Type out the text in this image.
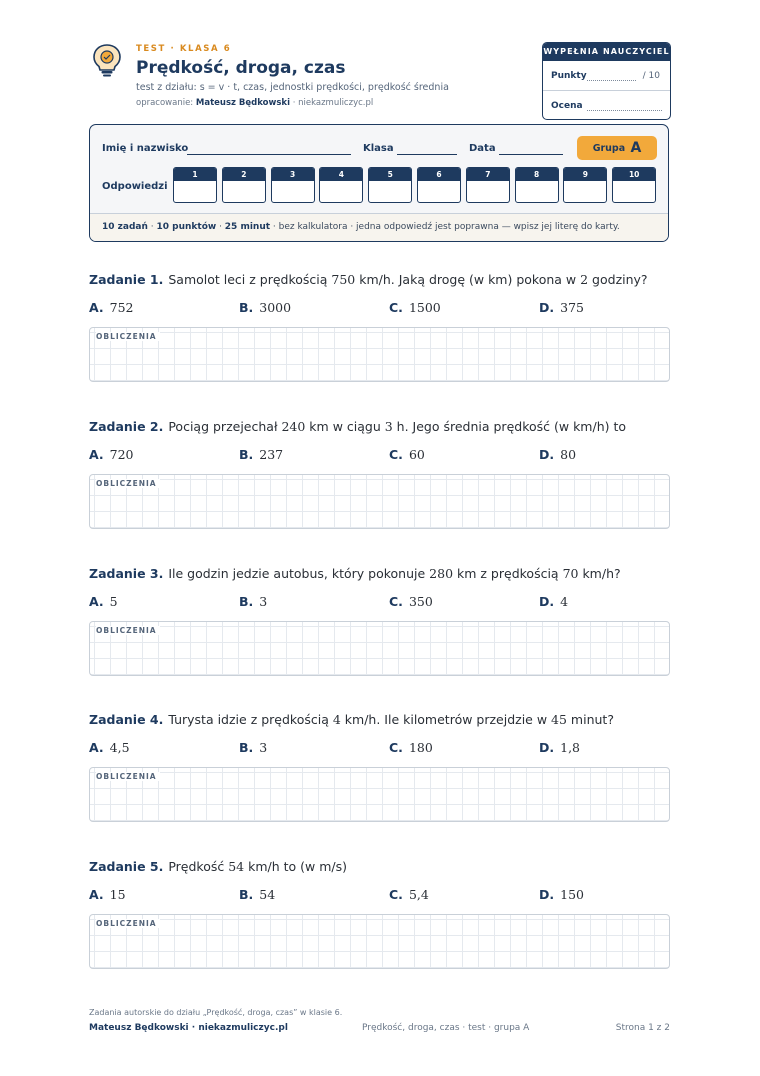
TEST · KLASA 6
Prędkość, droga, czas
test z działu: s = v · t, czas, jednostki prędkości, prędkość średnia
opracowanie: Mateusz Będkowski · niekazmuliczyc.pl
WYPEŁNIA NAUCZYCIEL
Punkty	/ 10
Ocena
Imię i nazwisko	Klasa	Data	Grupa A
Odpowiedzi
1	2	3	4	5	6	7	8	9	10
10 zadań · 10 punktów · 25 minut · bez kalkulatora · jedna odpowiedź jest poprawna — wpisz jej literę do karty.
Zadanie 1. Samolot leci z prędkością 750 km/h. Jaką drogę (w km) pokona w 2 godziny?
A. 752	B. 3000	C. 1500	D. 375
OBLICZENIA
Zadanie 2. Pociąg przejechał 240 km w ciągu 3 h. Jego średnia prędkość (w km/h) to
A. 720	B. 237	C. 60	D. 80
OBLICZENIA
Zadanie 3. Ile godzin jedzie autobus, który pokonuje 280 km z prędkością 70 km/h?
A. 5	B. 3	C. 350	D. 4
OBLICZENIA
Zadanie 4. Turysta idzie z prędkością 4 km/h. Ile kilometrów przejdzie w 45 minut?
A. 4,5	B. 3	C. 180	D. 1,8
OBLICZENIA
Zadanie 5. Prędkość 54 km/h to (w m/s)
A. 15	B. 54	C. 5,4	D. 150
OBLICZENIA
Zadania autorskie do działu „Prędkość, droga, czas” w klasie 6.
Mateusz Będkowski · niekazmuliczyc.pl	Prędkość, droga, czas · test · grupa A	Strona 1 z 2
